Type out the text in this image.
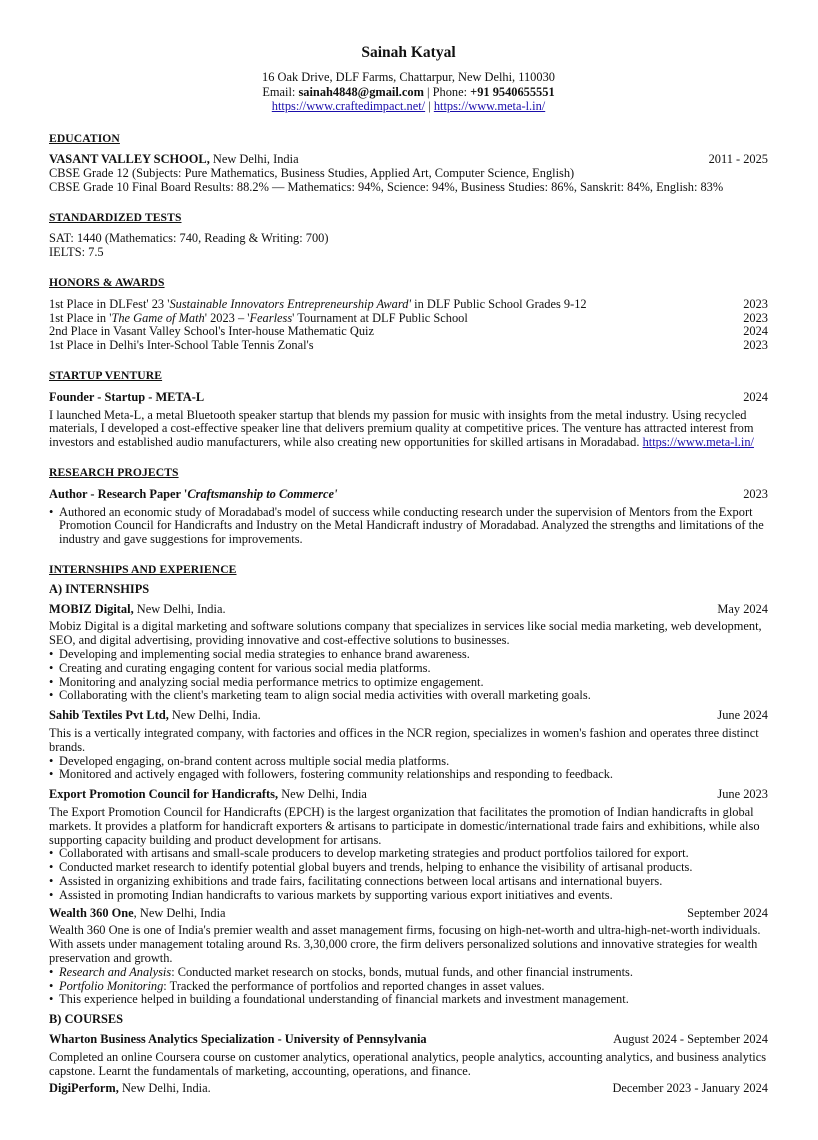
Sainah Katyal
16 Oak Drive, DLF Farms, Chattarpur, New Delhi, 110030
Email: sainah4848@gmail.com | Phone: +91 9540655551
https://www.craftedimpact.net/ | https://www.meta-l.in/
EDUCATION
VASANT VALLEY SCHOOL, New Delhi, India	2011 - 2025
CBSE Grade 12 (Subjects: Pure Mathematics, Business Studies, Applied Art, Computer Science, English)
CBSE Grade 10 Final Board Results: 88.2% — Mathematics: 94%, Science: 94%, Business Studies: 86%, Sanskrit: 84%, English: 83%
STANDARDIZED TESTS
SAT: 1440 (Mathematics: 740, Reading & Writing: 700)
IELTS: 7.5
HONORS & AWARDS
1st Place in DLFest' 23 'Sustainable Innovators Entrepreneurship Award' in DLF Public School Grades 9-12	2023
1st Place in 'The Game of Math' 2023 – 'Fearless' Tournament at DLF Public School	2023
2nd Place in Vasant Valley School's Inter-house Mathematic Quiz	2024
1st Place in Delhi's Inter-School Table Tennis Zonal's	2023
STARTUP VENTURE
Founder - Startup - META-L	2024
I launched Meta-L, a metal Bluetooth speaker startup that blends my passion for music with insights from the metal industry. Using recycled materials, I developed a cost-effective speaker line that delivers premium quality at competitive prices. The venture has attracted interest from investors and established audio manufacturers, while also creating new opportunities for skilled artisans in Moradabad. https://www.meta-l.in/
RESEARCH PROJECTS
Author - Research Paper 'Craftsmanship to Commerce'	2023
• Authored an economic study of Moradabad's model of success while conducting research under the supervision of Mentors from the Export Promotion Council for Handicrafts and Industry on the Metal Handicraft industry of Moradabad. Analyzed the strengths and limitations of the industry and gave suggestions for improvements.
INTERNSHIPS AND EXPERIENCE
A) INTERNSHIPS
MOBIZ Digital, New Delhi, India.	May 2024
Mobiz Digital is a digital marketing and software solutions company that specializes in services like social media marketing, web development, SEO, and digital advertising, providing innovative and cost-effective solutions to businesses.
• Developing and implementing social media strategies to enhance brand awareness.
• Creating and curating engaging content for various social media platforms.
• Monitoring and analyzing social media performance metrics to optimize engagement.
• Collaborating with the client's marketing team to align social media activities with overall marketing goals.
Sahib Textiles Pvt Ltd, New Delhi, India.	June 2024
This is a vertically integrated company, with factories and offices in the NCR region, specializes in women's fashion and operates three distinct brands.
• Developed engaging, on-brand content across multiple social media platforms.
• Monitored and actively engaged with followers, fostering community relationships and responding to feedback.
Export Promotion Council for Handicrafts, New Delhi, India	June 2023
The Export Promotion Council for Handicrafts (EPCH) is the largest organization that facilitates the promotion of Indian handicrafts in global markets. It provides a platform for handicraft exporters & artisans to participate in domestic/international trade fairs and exhibitions, while also supporting capacity building and product development for artisans.
• Collaborated with artisans and small-scale producers to develop marketing strategies and product portfolios tailored for export.
• Conducted market research to identify potential global buyers and trends, helping to enhance the visibility of artisanal products.
• Assisted in organizing exhibitions and trade fairs, facilitating connections between local artisans and international buyers.
• Assisted in promoting Indian handicrafts to various markets by supporting various export initiatives and events.
Wealth 360 One, New Delhi, India	September 2024
Wealth 360 One is one of India's premier wealth and asset management firms, focusing on high-net-worth and ultra-high-net-worth individuals. With assets under management totaling around Rs. 3,30,000 crore, the firm delivers personalized solutions and innovative strategies for wealth preservation and growth.
• Research and Analysis: Conducted market research on stocks, bonds, mutual funds, and other financial instruments.
• Portfolio Monitoring: Tracked the performance of portfolios and reported changes in asset values.
• This experience helped in building a foundational understanding of financial markets and investment management.
B) COURSES
Wharton Business Analytics Specialization - University of Pennsylvania	August 2024 - September 2024
Completed an online Coursera course on customer analytics, operational analytics, people analytics, accounting analytics, and business analytics capstone. Learnt the fundamentals of marketing, accounting, operations, and finance.
DigiPerform, New Delhi, India.	December 2023 - January 2024
